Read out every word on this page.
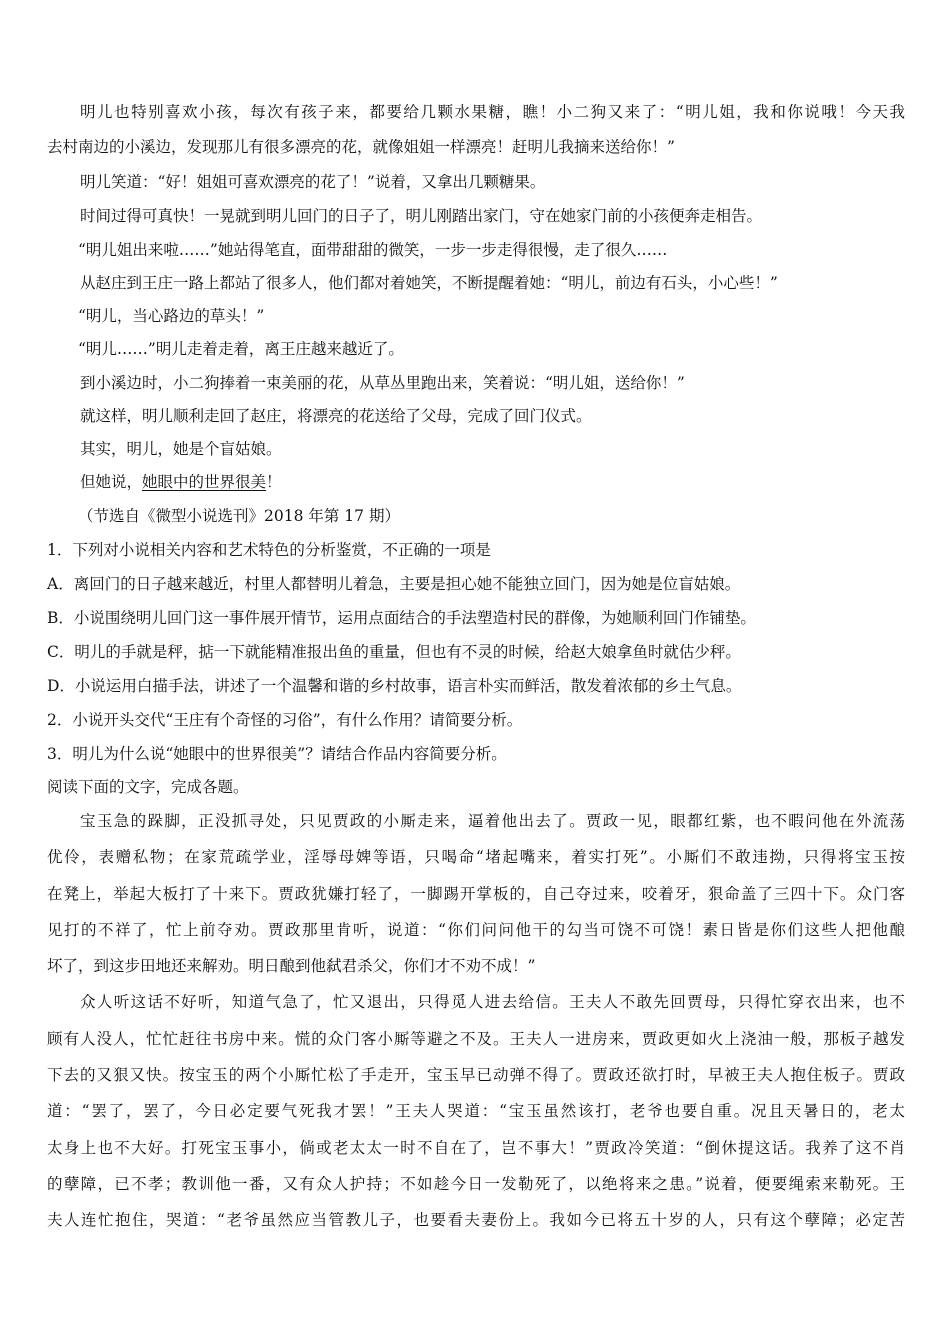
明儿也特别喜欢小孩，每次有孩子来，都要给几颗水果糖，瞧！小二狗又来了：“明儿姐，我和你说哦！今天我
去村南边的小溪边，发现那儿有很多漂亮的花，就像姐姐一样漂亮！赶明儿我摘来送给你！”
明儿笑道：“好！姐姐可喜欢漂亮的花了！”说着，又拿出几颗糖果。
时间过得可真快！一晃就到明儿回门的日子了，明儿刚踏出家门，守在她家门前的小孩便奔走相告。
“明儿姐出来啦……”她站得笔直，面带甜甜的微笑，一步一步走得很慢，走了很久……
从赵庄到王庄一路上都站了很多人，他们都对着她笑，不断提醒着她：“明儿，前边有石头，小心些！”
“明儿，当心路边的草头！”
“明儿……”明儿走着走着，离王庄越来越近了。
到小溪边时，小二狗捧着一束美丽的花，从草丛里跑出来，笑着说：“明儿姐，送给你！”
就这样，明儿顺利走回了赵庄，将漂亮的花送给了父母，完成了回门仪式。
其实，明儿，她是个盲姑娘。
但她说，她眼中的世界很美！
（节选自《微型小说选刊》2018 年第 17 期）
1．下列对小说相关内容和艺术特色的分析鉴赏，不正确的一项是
A．离回门的日子越来越近，村里人都替明儿着急，主要是担心她不能独立回门，因为她是位盲姑娘。
B．小说围绕明儿回门这一事件展开情节，运用点面结合的手法塑造村民的群像，为她顺利回门作铺垫。
C．明儿的手就是秤，掂一下就能精准报出鱼的重量，但也有不灵的时候，给赵大娘拿鱼时就估少秤。
D．小说运用白描手法，讲述了一个温馨和谐的乡村故事，语言朴实而鲜活，散发着浓郁的乡土气息。
2．小说开头交代“王庄有个奇怪的习俗”，有什么作用？请简要分析。
3．明儿为什么说“她眼中的世界很美”？请结合作品内容简要分析。
阅读下面的文字，完成各题。
宝玉急的跺脚，正没抓寻处，只见贾政的小厮走来，逼着他出去了。贾政一见，眼都红紫，也不暇问他在外流荡
优伶，表赠私物；在家荒疏学业，淫辱母婢等语，只喝命“堵起嘴来，着实打死”。小厮们不敢违拗，只得将宝玉按
在凳上，举起大板打了十来下。贾政犹嫌打轻了，一脚踢开掌板的，自己夺过来，咬着牙，狠命盖了三四十下。众门客
见打的不祥了，忙上前夺劝。贾政那里肯听，说道：“你们问问他干的勾当可饶不可饶！素日皆是你们这些人把他酿
坏了，到这步田地还来解劝。明日酿到他弑君杀父，你们才不劝不成！”
众人听这话不好听，知道气急了，忙又退出，只得觅人进去给信。王夫人不敢先回贾母，只得忙穿衣出来，也不
顾有人没人，忙忙赶往书房中来。慌的众门客小厮等避之不及。王夫人一进房来，贾政更如火上浇油一般，那板子越发
下去的又狠又快。按宝玉的两个小厮忙松了手走开，宝玉早已动弹不得了。贾政还欲打时，早被王夫人抱住板子。贾政
道：“罢了，罢了，今日必定要气死我才罢！”王夫人哭道：“宝玉虽然该打，老爷也要自重。况且天暑日的，老太
太身上也不大好。打死宝玉事小，倘或老太太一时不自在了，岂不事大！”贾政冷笑道：“倒休提这话。我养了这不肖
的孽障，已不孝；教训他一番，又有众人护持；不如趁今日一发勒死了，以绝将来之患。”说着，便要绳索来勒死。王
夫人连忙抱住，哭道：“老爷虽然应当管教儿子，也要看夫妻份上。我如今已将五十岁的人，只有这个孽障；必定苦
